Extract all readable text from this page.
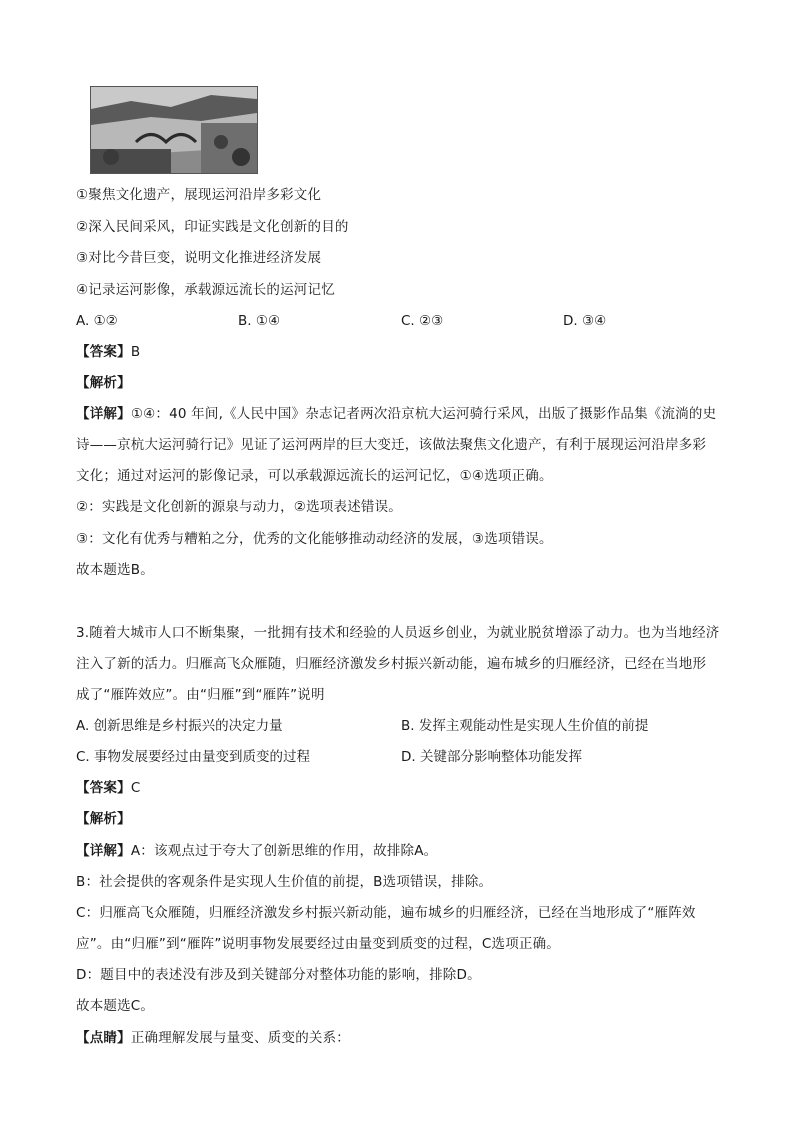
①聚焦文化遗产，展现运河沿岸多彩文化
②深入民间采风，印证实践是文化创新的目的
③对比今昔巨变，说明文化推进经济发展
④记录运河影像，承载源远流长的运河记忆
A. ①②	B. ①④	C. ②③	D. ③④
【答案】B
【解析】
【详解】①④：40 年间,《人民中国》杂志记者两次沿京杭大运河骑行采风，出版了摄影作品集《流淌的史
诗——京杭大运河骑行记》见证了运河两岸的巨大变迁，该做法聚焦文化遗产，有利于展现运河沿岸多彩
文化；通过对运河的影像记录，可以承载源远流长的运河记忆，①④选项正确。
②：实践是文化创新的源泉与动力，②选项表述错误。
③：文化有优秀与糟粕之分，优秀的文化能够推动动经济的发展，③选项错误。
故本题选B。
3.随着大城市人口不断集聚，一批拥有技术和经验的人员返乡创业，为就业脱贫增添了动力。也为当地经济
注入了新的活力。归雁高飞众雁随，归雁经济激发乡村振兴新动能，遍布城乡的归雁经济，已经在当地形
成了“雁阵效应”。由“归雁”到“雁阵”说明
A. 创新思维是乡村振兴的决定力量	B. 发挥主观能动性是实现人生价值的前提
C. 事物发展要经过由量变到质变的过程	D. 关键部分影响整体功能发挥
【答案】C
【解析】
【详解】A：该观点过于夸大了创新思维的作用，故排除A。
B：社会提供的客观条件是实现人生价值的前提，B选项错误，排除。
C：归雁高飞众雁随，归雁经济激发乡村振兴新动能，遍布城乡的归雁经济，已经在当地形成了“雁阵效
应”。由“归雁”到“雁阵”说明事物发展要经过由量变到质变的过程，C选项正确。
D：题目中的表述没有涉及到关键部分对整体功能的影响，排除D。
故本题选C。
【点睛】正确理解发展与量变、质变的关系：
